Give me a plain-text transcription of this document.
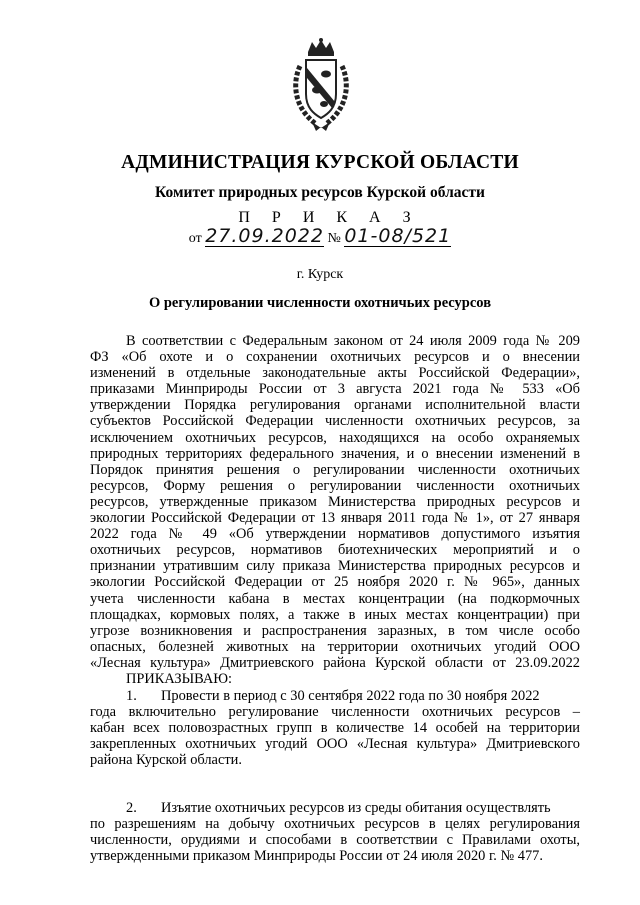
АДМИНИСТРАЦИЯ КУРСКОЙ ОБЛАСТИ
Комитет природных ресурсов Курской области
П Р И К А З
от 27.09.2022 № 01-08/521
г. Курск
О регулировании численности охотничьих ресурсов
В соответствии с Федеральным законом от 24 июля 2009 года № 209
ФЗ «Об охоте и о сохранении охотничьих ресурсов и о внесении
изменений в отдельные законодательные акты Российской Федерации»,
приказами Минприроды России от 3 августа 2021 года № 533 «Об
утверждении Порядка регулирования органами исполнительной власти
субъектов Российской Федерации численности охотничьих ресурсов, за
исключением охотничьих ресурсов, находящихся на особо охраняемых
природных территориях федерального значения, и о внесении изменений в
Порядок принятия решения о регулировании численности охотничьих
ресурсов, Форму решения о регулировании численности охотничьих
ресурсов, утвержденные приказом Министерства природных ресурсов и
экологии Российской Федерации от 13 января 2011 года № 1», от 27 января
2022 года № 49 «Об утверждении нормативов допустимого изъятия
охотничьих ресурсов, нормативов биотехнических мероприятий и о
признании утратившим силу приказа Министерства природных ресурсов и
экологии Российской Федерации от 25 ноября 2020 г. № 965», данных
учета численности кабана в местах концентрации (на подкормочных
площадках, кормовых полях, а также в иных местах концентрации) при
угрозе возникновения и распространения заразных, в том числе особо
опасных, болезней животных на территории охотничьих угодий ООО
«Лесная культура» Дмитриевского района Курской области от 23.09.2022
ПРИКАЗЫВАЮ:
1. Провести в период с 30 сентября 2022 года по 30 ноября 2022
года включительно регулирование численности охотничьих ресурсов –
кабан всех половозрастных групп в количестве 14 особей на территории
закрепленных охотничьих угодий ООО «Лесная культура» Дмитриевского
района Курской области.
2. Изъятие охотничьих ресурсов из среды обитания осуществлять
по разрешениям на добычу охотничьих ресурсов в целях регулирования
численности, орудиями и способами в соответствии с Правилами охоты,
утвержденными приказом Минприроды России от 24 июля 2020 г. № 477.
